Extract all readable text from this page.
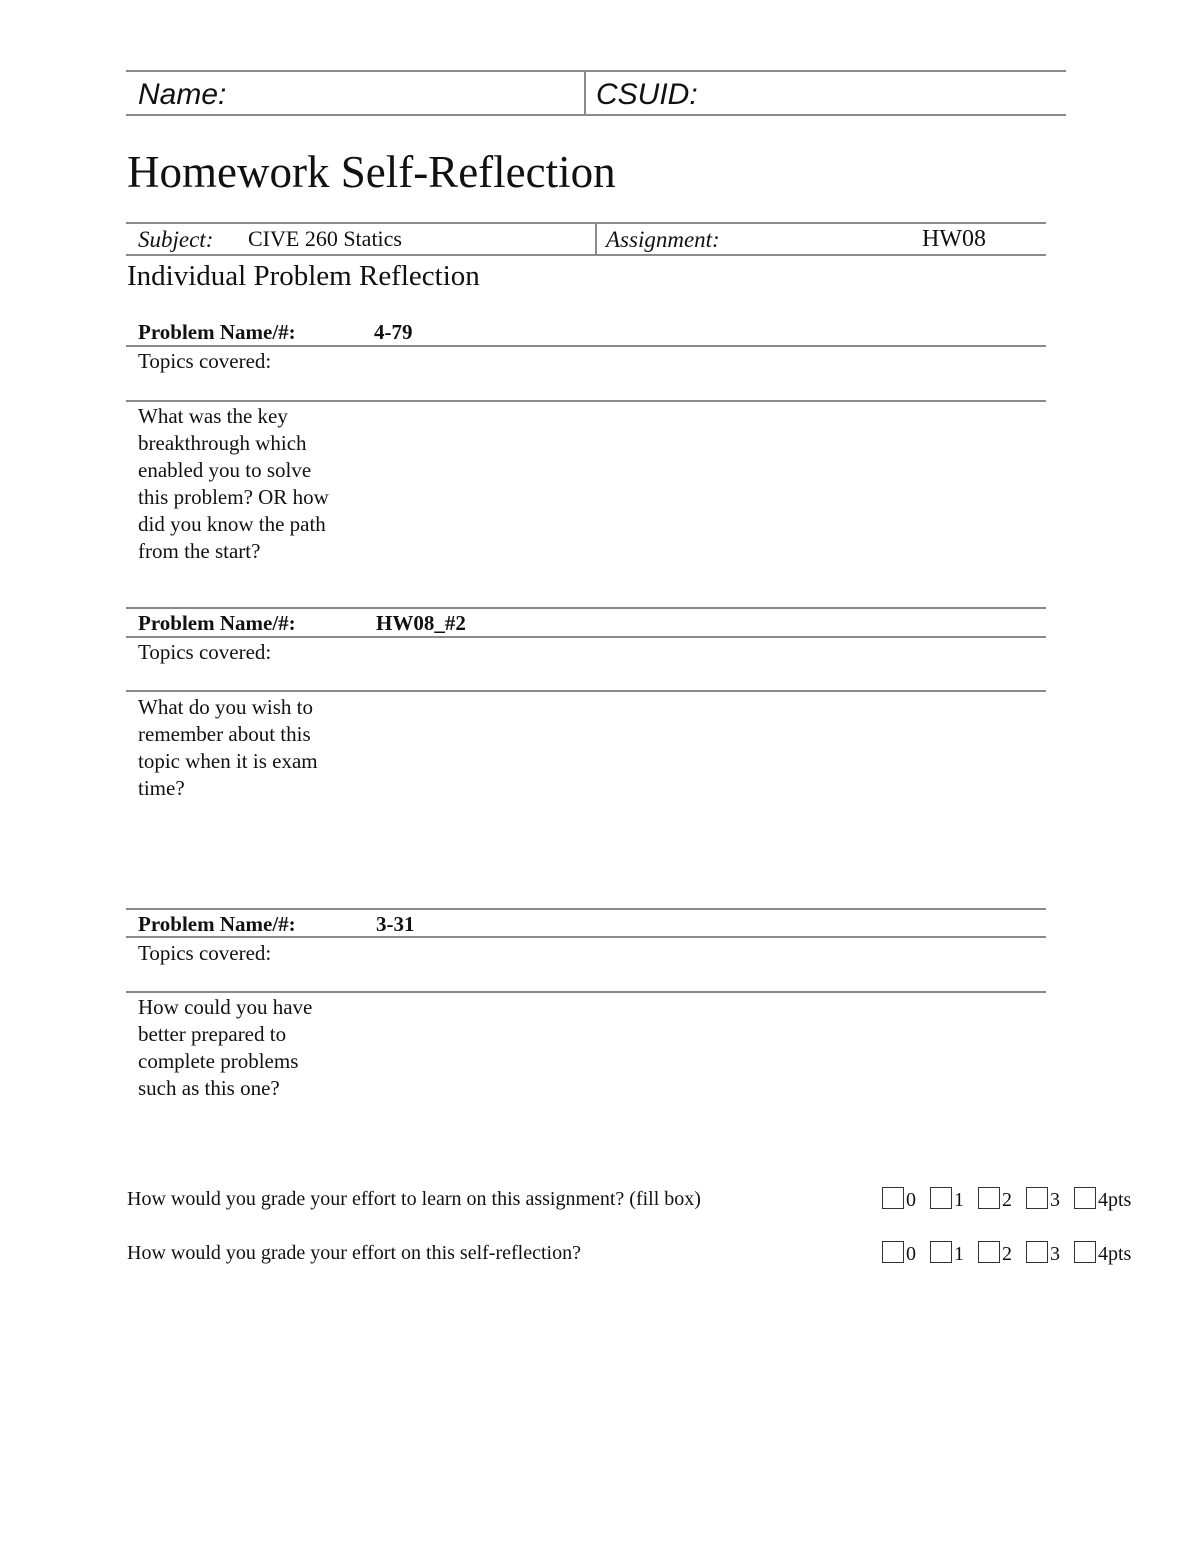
Name:	CSUID:
Homework Self-Reflection
Subject: CIVE 260 Statics	Assignment:	HW08
Individual Problem Reflection
Problem Name/#:	4-79
Topics covered:
What was the key
breakthrough which
enabled you to solve
this problem? OR how
did you know the path
from the start?
Problem Name/#:	HW08_#2
Topics covered:
What do you wish to
remember about this
topic when it is exam
time?
Problem Name/#:	3-31
Topics covered:
How could you have
better prepared to
complete problems
such as this one?
How would you grade your effort to learn on this assignment? (fill box)	0 1 2 3 4pts
How would you grade your effort on this self-reflection?	0 1 2 3 4pts
